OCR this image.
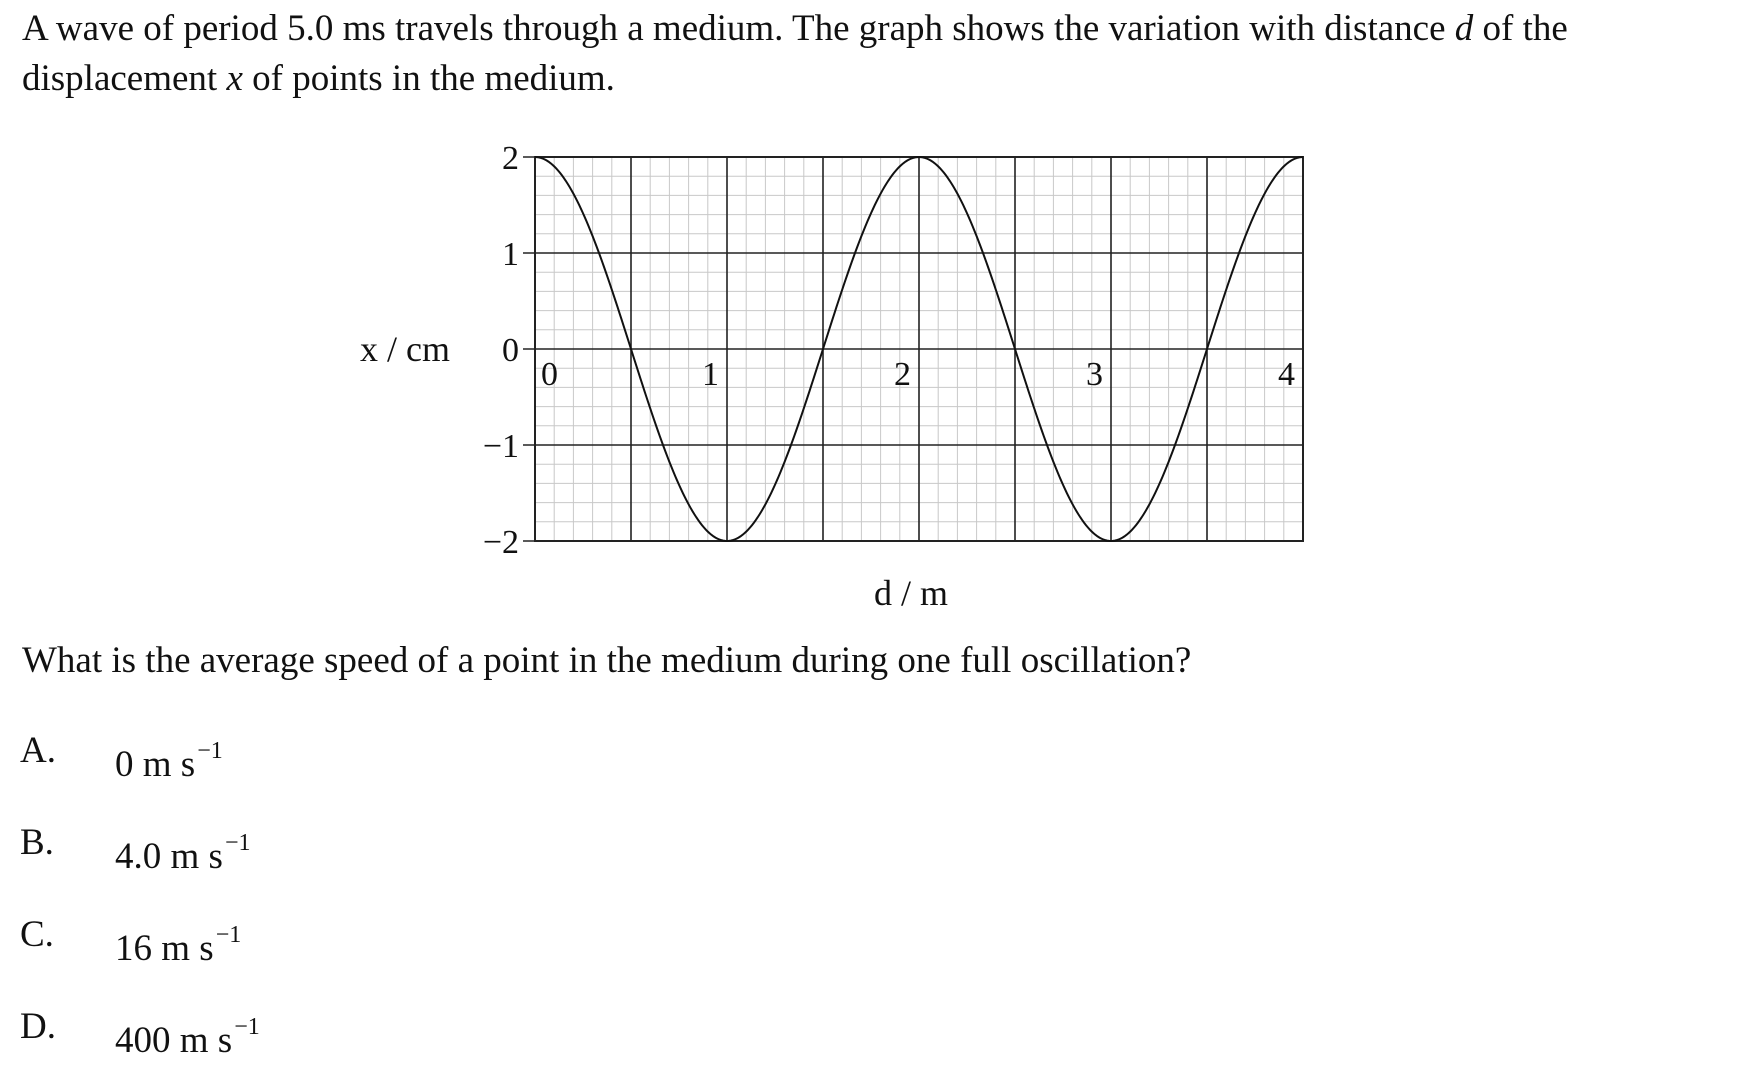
A wave of period 5.0 ms travels through a medium. The graph shows the variation with distance d of the displacement x of points in the medium.
2
1
0
−1
−2
0	1	2	3	4
x / cm
d / m
What is the average speed of a point in the medium during one full oscillation?
A.	0 m $s^{-1}$
B.	4.0 m $s^{-1}$
C.	16 m $s^{-1}$
D.	400 m $s^{-1}$
